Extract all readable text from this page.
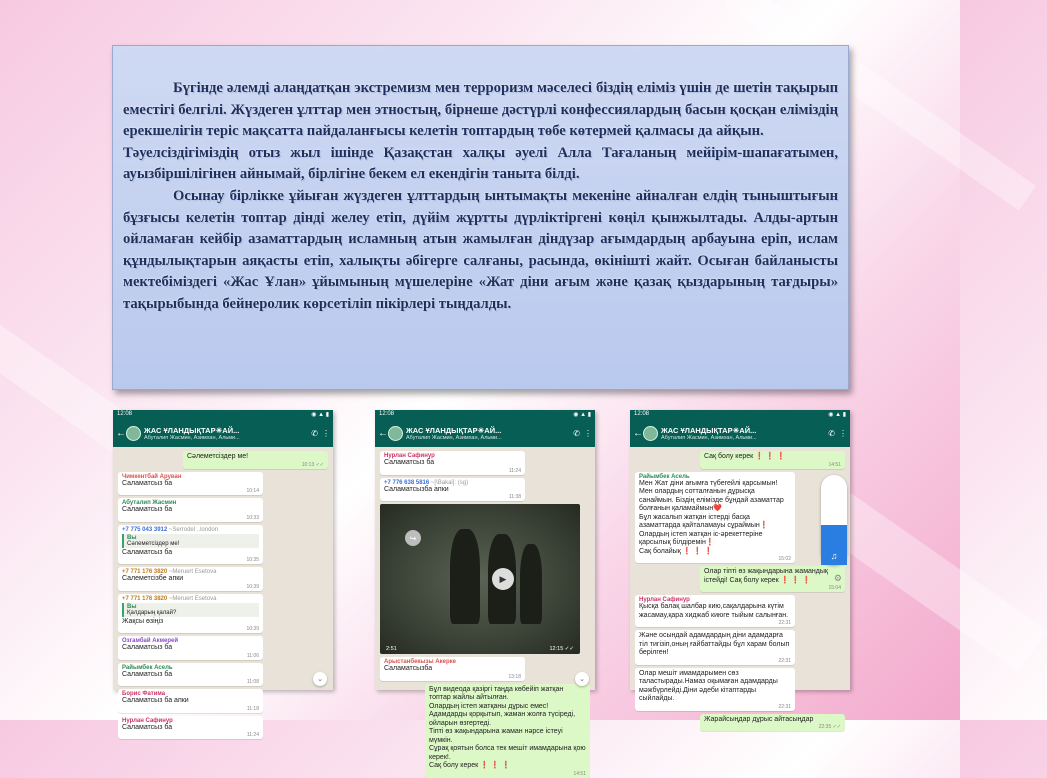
Бүгінде әлемді алаңдатқан экстремизм мен терроризм мәселесі біздің еліміз үшін де шетін тақырып еместігі белгілі. Жүздеген ұлттар мен этностың, бірнеше дәстүрлі конфессиялардың басын қосқан еліміздің ерекшелігін теріс мақсатта пайдаланғысы келетін топтардың төбе көтермей қалмасы да айқын.

Тәуелсіздігіміздің отыз жыл ішінде Қазақстан халқы әуелі Алла Тағаланың мейірім-шапағатымен, ауызбіршілігінен айнымай, бірлігіне бекем ел екендігін танытa білді.

Осынау бірлікке ұйыған жүздеген ұлттардың ынтымақты мекеніне айналған елдің тыныштығын бұзғысы келетін топтар дінді желеу етіп, дүйім жұртты дүрліктіргені көңіл қынжылтады. Алды-артын ойламаған кейбір азаматтардың исламның атын жамылған діндүзар ағымдардың арбауына еріп, ислам құндылықтарын аяқасты етіп, халықты әбігерге салғаны, расында, өкінішті жайт. Осыған байланысты мектебіміздегі «Жас Ұлан» ұйымының мүшелеріне «Жат діни ағым және қазақ қыздарының тағдыры» тақырыбында бейнеролик көрсетіліп пікірлері тыңдалды.

12:08	◉ ▲ ▮
← ЖАС ҰЛАНДЫҚТАР☀АЙ...
Абуталип Жасмин, Азимхан, Альми...	✆ ⋮
Сәлеметсіздер ме!
10:13 ✓✓
Чимкентбай Аруван
Саламатсыз ба
10:14
Абуталип Жасмин
Саламатсыз ба
10:33
+7 775 043 3912 ~Serrodel ..london
Вы
Сәлеметсіздер ме!
Саламатсыз ба
10:35
+7 771 176 3820 ~Meruert Esetova
Салеметсізбе апки
10:39
+7 771 176 3820 ~Meruert Esetova
Вы
Қалдарың қалай?
Жақсы өзіңіз
10:39
Озгамбай Акмерей
Саламатсыз ба
11:06
Райымбек Асель
Саламатсыз ба
11:08
Борис Фатима
Саламатсыз ба апки
11:18
Нурлан Сафинур
Саламатсыз ба
11:24
⌄
12:08	◉ ▲ ▮
← ЖАС ҰЛАНДЫҚТАР☀АЙ...
Абуталип Жасмин, Азимхан, Альми...	✆ ⋮
Нурлан Сафинур
Саламатсыз ба
11:24
+7 776 638 5816 ~[\Bakai]: (sg)
Саламатсызба апки
11:38
▶
2:51	12:15 ✓✓
Арыстанбекызы Акерке
Саламатсызба
13:18
Бұл видеода қазіргі таңда көбейіп жатқан топтар жайлы айтылған.
Олардың істеп жатқаны дұрыс емес!
Адамдарды қорқытып, жаман жолға түсіреді, ойларын өзгертеді.
Тіпті өз жақындарына жаман нәрсе істеуі мүмкін.
Сұрақ қоятын болса тек мешіт имамдарына қою керек!.
Сақ болу керек ❗ ❗ ❗
14:51
⌄
↪
12:08	◉ ▲ ▮
← ЖАС ҰЛАНДЫҚТАР☀АЙ...
Абуталип Жасмин, Азимхан, Альми...	✆ ⋮
Сақ болу керек ❗ ❗ ❗
14:51
Райымбек Асель
Мен Жат діни ағымға түбегейлі қарсымын! Мен олардың сотталғанын дұрысқа санаймын. Біздің елімізде бұндай азаматтар болғанын қаламаймын❤️
Бұл жасалып жатқан істерді басқа азаматтарда қайталамауы сұраймын❗ Олардың істеп жатқан іс-әрекеттеріне қарсылық білдіремін❗
Сақ болайық ❗ ❗ ❗
15:02
Олар тіпті өз жақындарына жамандық істейді! Сақ болу керек ❗ ❗ ❗
15:04
Нурлан Сафинур
Қысқа балақ шалбар кию,сақалдарына күтім жасамау,қара хиджаб киюге тыйым салынған.
22:31
Және осындай адамдардың діни адамдарға тіл тигізіп,оның ғайбаттайды бұл харам болып берілген!
22:31
Олар мешіт имамдарымен сөз таластырады.Намаз оқымаған адамдарды мәжбүрлейді.Діни әдеби кітаптарды сыйлайды.
22:31
Жарайсыңдар дұрыс айтасыңдар
22:35 ✓✓
♫
⚙
